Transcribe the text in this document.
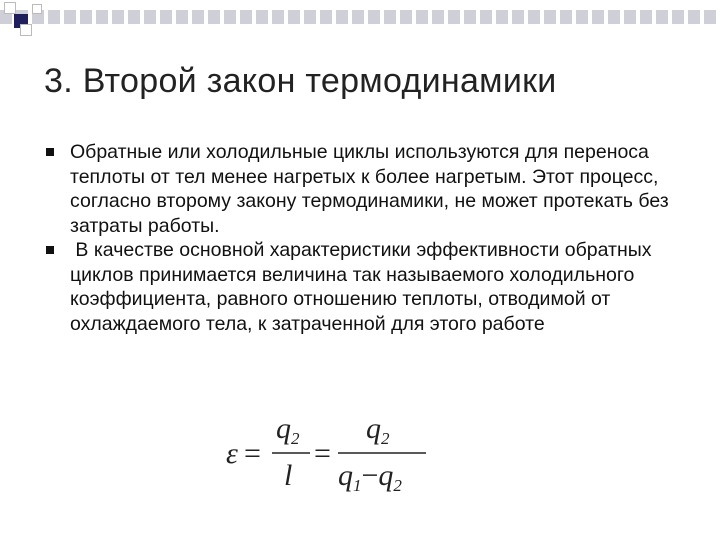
3. Второй закон термодинамики
Обратные или холодильные циклы используются для переноса теплоты от тел менее нагретых к более нагретым. Этот процесс, согласно второму закону термодинамики, не может протекать без затраты работы.
В качестве основной характеристики эффективности обратных циклов принимается величина так называемого холодильного коэффициента, равного отношению теплоты, отводимой от охлаждаемого тела, к затраченной для этого работе
ε =
$q_2$
l
=
$q_2$
$q_1-q_2$
